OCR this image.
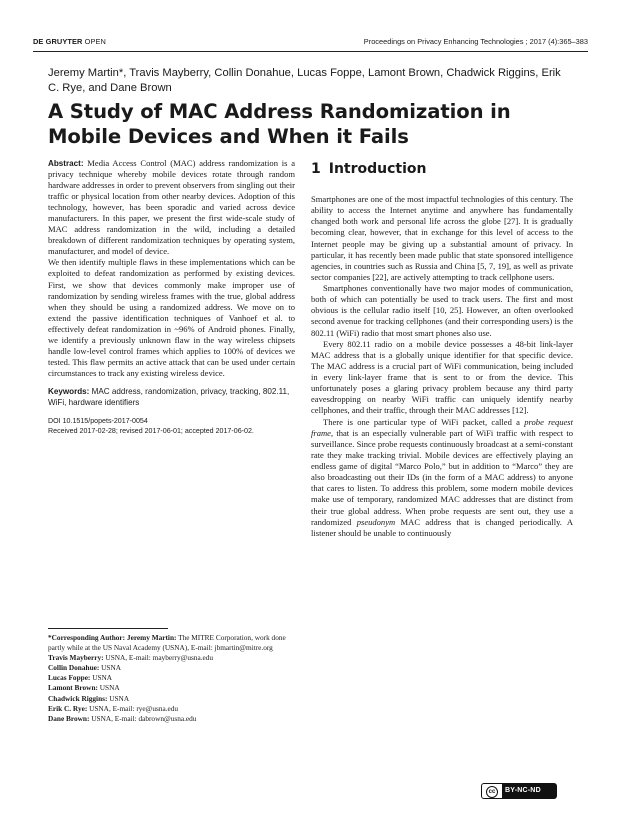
DE GRUYTER OPEN	Proceedings on Privacy Enhancing Technologies ; 2017 (4):365–383
Jeremy Martin*, Travis Mayberry, Collin Donahue, Lucas Foppe, Lamont Brown, Chadwick Riggins, Erik C. Rye, and Dane Brown
A Study of MAC Address Randomization in Mobile Devices and When it Fails

Abstract: Media Access Control (MAC) address randomization is a privacy technique whereby mobile devices rotate through random hardware addresses in order to prevent observers from singling out their traffic or physical location from other nearby devices. Adoption of this technology, however, has been sporadic and varied across device manufacturers. In this paper, we present the first wide-scale study of MAC address randomization in the wild, including a detailed breakdown of different randomization techniques by operating system, manufacturer, and model of device.

We then identify multiple flaws in these implementations which can be exploited to defeat randomization as performed by existing devices. First, we show that devices commonly make improper use of randomization by sending wireless frames with the true, global address when they should be using a randomized address. We move on to extend the passive identification techniques of Vanhoef et al. to effectively defeat randomization in ~96% of Android phones. Finally, we identify a previously unknown flaw in the way wireless chipsets handle low-level control frames which applies to 100% of devices we tested. This flaw permits an active attack that can be used under certain circumstances to track any existing wireless device.

Keywords: MAC address, randomization, privacy, tracking, 802.11, WiFi, hardware identifiers
DOI 10.1515/popets-2017-0054
Received 2017-02-28; revised 2017-06-01; accepted 2017-06-02.

*Corresponding Author: Jeremy Martin: The MITRE Corporation, work done partly while at the US Naval Academy (USNA), E-mail: jbmartin@mitre.org

Travis Mayberry: USNA, E-mail: mayberry@usna.edu

Collin Donahue: USNA

Lucas Foppe: USNA

Lamont Brown: USNA

Chadwick Riggins: USNA

Erik C. Rye: USNA, E-mail: rye@usna.edu

Dane Brown: USNA, E-mail: dabrown@usna.edu

1 Introduction

Smartphones are one of the most impactful technologies of this century. The ability to access the Internet anytime and anywhere has fundamentally changed both work and personal life across the globe [27]. It is gradually becoming clear, however, that in exchange for this level of access to the Internet people may be giving up a substantial amount of privacy. In particular, it has recently been made public that state sponsored intelligence agencies, in countries such as Russia and China [5, 7, 19], as well as private sector companies [22], are actively attempting to track cellphone users.

Smartphones conventionally have two major modes of communication, both of which can potentially be used to track users. The first and most obvious is the cellular radio itself [10, 25]. However, an often overlooked second avenue for tracking cellphones (and their corresponding users) is the 802.11 (WiFi) radio that most smart phones also use.

Every 802.11 radio on a mobile device possesses a 48-bit link-layer MAC address that is a globally unique identifier for that specific device. The MAC address is a crucial part of WiFi communication, being included in every link-layer frame that is sent to or from the device. This unfortunately poses a glaring privacy problem because any third party eavesdropping on nearby WiFi traffic can uniquely identify nearby cellphones, and their traffic, through their MAC addresses [12].

There is one particular type of WiFi packet, called a probe request frame, that is an especially vulnerable part of WiFi traffic with respect to surveillance. Since probe requests continuously broadcast at a semi-constant rate they make tracking trivial. Mobile devices are effectively playing an endless game of digital “Marco Polo,” but in addition to “Marco” they are also broadcasting out their IDs (in the form of a MAC address) to anyone that cares to listen. To address this problem, some modern mobile devices make use of temporary, randomized MAC addresses that are distinct from their true global address. When probe requests are sent out, they use a randomized pseudonym MAC address that is changed periodically. A listener should be unable to continuously

cc	BY-NC-ND
